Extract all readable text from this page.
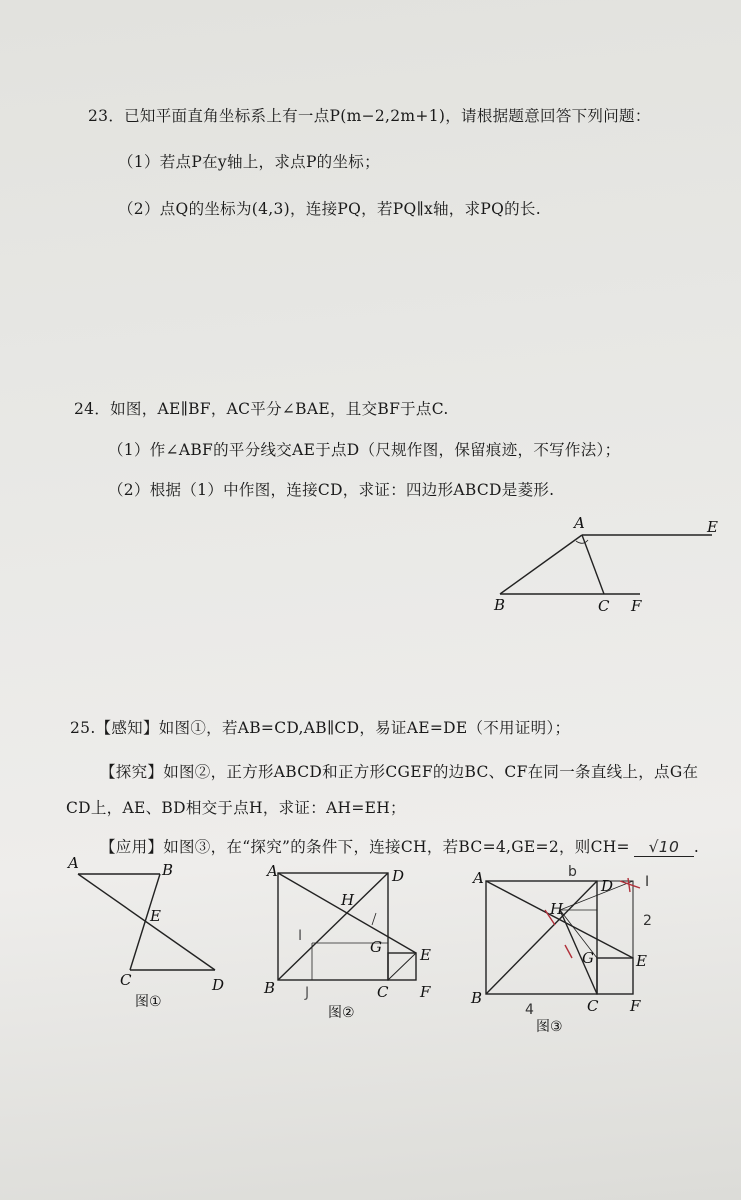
23．已知平面直角坐标系上有一点P(m−2,2m+1)，请根据题意回答下列问题：
（1）若点P在y轴上，求点P的坐标；
（2）点Q的坐标为(4,3)，连接PQ，若PQ∥x轴，求PQ的长.
24．如图，AE∥BF，AC平分∠BAE，且交BF于点C.
（1）作∠ABF的平分线交AE于点D（尺规作图，保留痕迹，不写作法）；
（2）根据（1）中作图，连接CD，求证：四边形ABCD是菱形.
25.【感知】如图①，若AB=CD,AB∥CD，易证AE=DE（不用证明）；
【探究】如图②，正方形ABCD和正方形CGEF的边BC、CF在同一条直线上，点G在
CD上，AE、BD相交于点H，求证：AH=EH；
【应用】如图③，在“探究”的条件下，连接CH，若BC=4,GE=2，则CH= √10 .
A	E
B	C F
A	B
E
C	D
图①
A	D
H
G	E
B	C F
I
J
图②
A	D
H
G	E
B	C F
b
2
4
I
图③
